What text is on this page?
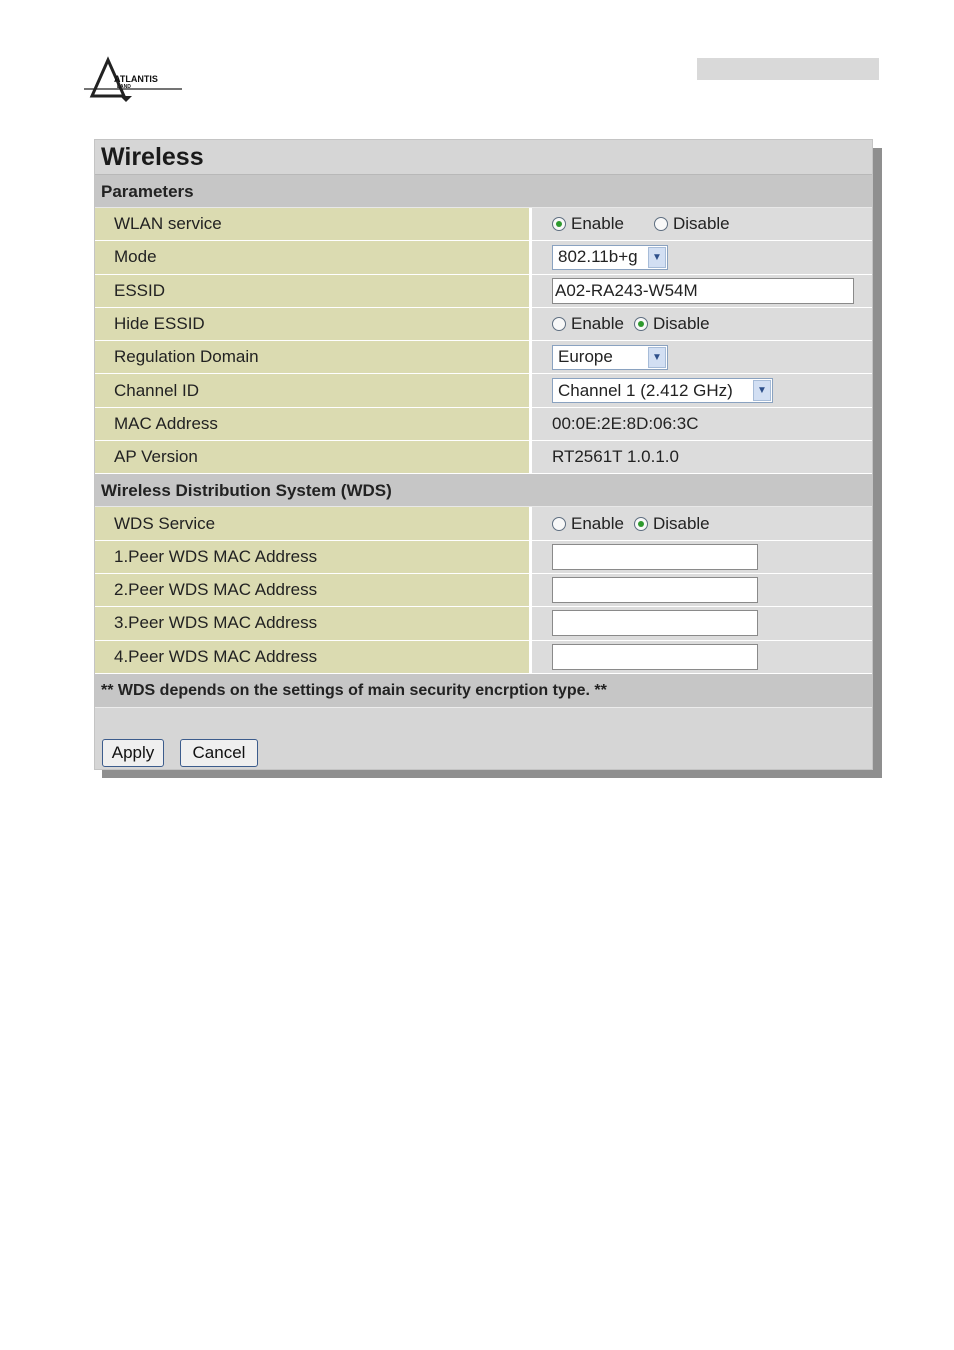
ATLANTIS
LAND
Wireless
Parameters
WLAN service	Enable	Disable
Mode	802.11b+g	▼
ESSID	A02-RA243-W54M
Hide ESSID	Enable Disable
Regulation Domain	Europe	▼
Channel ID	Channel 1 (2.412 GHz)	▼
MAC Address	00:0E:2E:8D:06:3C
AP Version	RT2561T 1.0.1.0
Wireless Distribution System (WDS)
WDS Service	Enable Disable
1.Peer WDS MAC Address
2.Peer WDS MAC Address
3.Peer WDS MAC Address
4.Peer WDS MAC Address
** WDS depends on the settings of main security encrption type. **
Apply	Cancel
